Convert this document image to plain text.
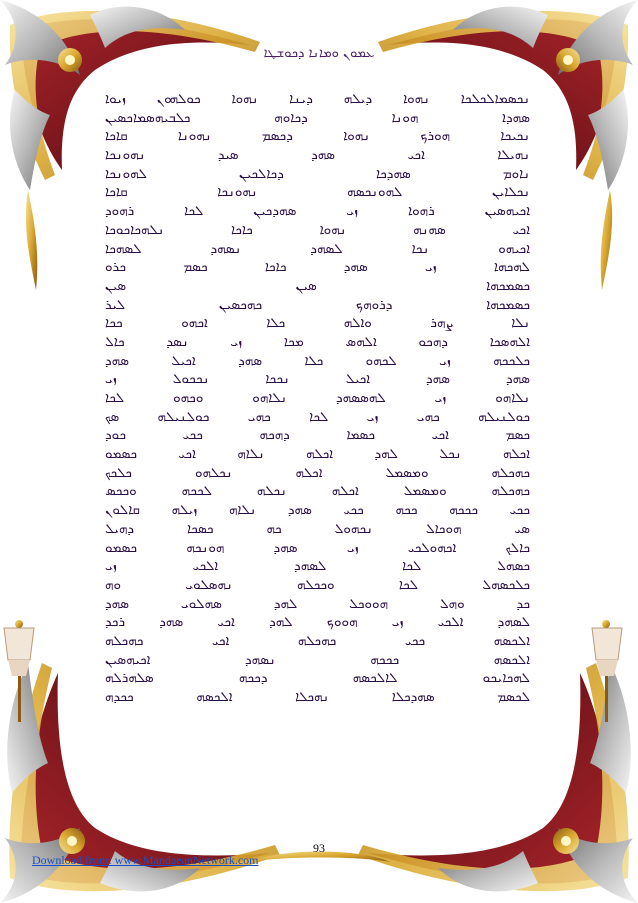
ܥܡܘܢ ܘܡܐܢܐ ܕܟܘܫܛܐ
ܢܟܣܡܐܠܟܠܟܐ ܢܗܘܐ ܕܝܠܗ ܕܝܢܐ ܢܗܘܐ ܟܘܠܗܘܢ ܙܝܘܐ
ܣܗܕܐ ܗܘܢܐ ܕܟܐܘܗ ܟܠܒܝܗܣܡܐܟܣܝܢ
ܢܟܝܟܐ ܗܘܪܟ ܢܗܘܐ ܕܟܣܡ ܢܗܘܢܐ ܩܐܟܐ
ܢܗܝܠܐ ܐܟܝ ܣܗܕ ܣܝܕ ܢܗܘܢܟܐ
ܢܐܘܡ ܣܗܕܟܐ ܕܟܐܠܟܝܢ ܠܗܘܢܟܐ
ܢܟܠܐܝܢ ܠܗܘܢܟܣܗ ܢܗܘܢܟܐ ܩܐܟܐ
ܐܟܝܗܣܝܢ ܪܗܘܐ ܙܝ ܣܗܕܟܝܢ ܠܟܐ ܪܗܘܕ
ܐܟܝ ܣܗܢܗ ܢܗܘܐ ܟܐܟܐ ܢܠܗܟܐܟܘܟܐ
ܐܟܝܗܘ ܢܟܐ ܠܣܗܕ ܢܣܗܕ ܠܣܗܟܐ
ܠܗܟܗܐ ܙܝ ܣܗܕ ܟܐܟܐ ܟܣܡ ܟܪܘ
ܟܣܡܟܗܐ ܣܝܢ ܣܝܢ
ܟܣܡܟܗܐ ܕܪܘܗܟ ܟܗܟܣܝܢ ܠܝܪ
ܢܠܐ ܨܗܪ ܘܐܠܗ ܟܠܐ ܐܟܗܘ ܟܟܐ
ܐܠܗܣܟܐ ܕܗܟܘ ܐܠܗܣ ܡܟܐ ܙܝ ܢܣܕ ܟܐܠ
ܟܠܟܟܗ ܙܝ ܠܟܗܘ ܟܠܐ ܣܗܕ ܐܟܝܠ ܣܗܕ
ܣܗܕ ܣܗܕ ܐܟܝܠ ܢܟܟܐ ܢܟܟܘܠ ܙܝ
ܢܠܐܗܘ ܙܝ ܠܗܣܣܗܕ ܢܠܐܗܘ ܘܟܗܘ ܠܟܐ
ܟܘܠܢܝܠܗ ܟܗܝ ܙܝ ܠܟܐ ܟܗܝ ܟܘܠܢܝܠܗ ܣܟ
ܟܣܡ ܐܟܝ ܟܣܡܐ ܕܗܟܗ ܟܟܝ ܟܘܕ
ܐܟܠܗ ܢܟܠ ܠܗܕ ܐܟܠܗ ܢܠܐܗ ܐܟܝ ܟܣܡܘ
ܟܗܟܠܗ ܘܡܣܡܠ ܐܟܠܗ ܢܟܠܗܘ ܟܠܟܟ
ܟܗܟܠܗ ܘܡܣܡܠ ܐܟܠܗ ܢܟܠܗ ܠܟܟܗ ܘܟܟܣ
ܟܟܝ ܟܟܟܗ ܟܟܗ ܟܟܝ ܣܗܕ ܢܠܐܗ ܙܝܠܗ ܩܐܠܘܢ
ܣܝ ܗܘܟܐܠ ܢܟܗܘܠ ܟܗ ܟܣܟܐ ܕܗܝܠ
ܟܐܠܟ ܐܟܗܘܠܟܝ ܙܝ ܣܗܕ ܗܘܢܟܗ ܟܣܡܘ
ܟܣܗܠ ܠܟܐ ܠܣܗܕ ܐܠܟܝ ܙܝ
ܟܠܟܣܗܠ ܠܟܐ ܘܟܟܠܗ ܢܗܣܠܘܝ ܘܗ
ܟܕ ܘܗܠ ܗܘܘܟܠ ܠܗܕ ܣܗܠܘܝ ܣܗܕ
ܠܣܗܕ ܐܠܟܝ ܙܝ ܗܘܘܟ ܠܗܕ ܐܟܝ ܣܗܕ ܪܟܕ
ܐܠܟܣܗ ܟܟܝ ܟܗܟܠܗ ܐܟܝ ܟܗܟܠܗ
ܐܠܟܣܗ ܟܟܟܗ ܢܣܗܕ ܐܟܝܗܣܝܢ
ܠܗܟܐܝܟܘ ܠܐܠܟܣܗ ܕܟܟܗ ܣܠܗܪܠܗ
ܠܟܣܡ ܣܗܕܟܠܐ ܢܗܟܠܐ ܐܠܟܣܗ ܟܟܕܗ
93
Download from: www.MandaeanNetwork.com
